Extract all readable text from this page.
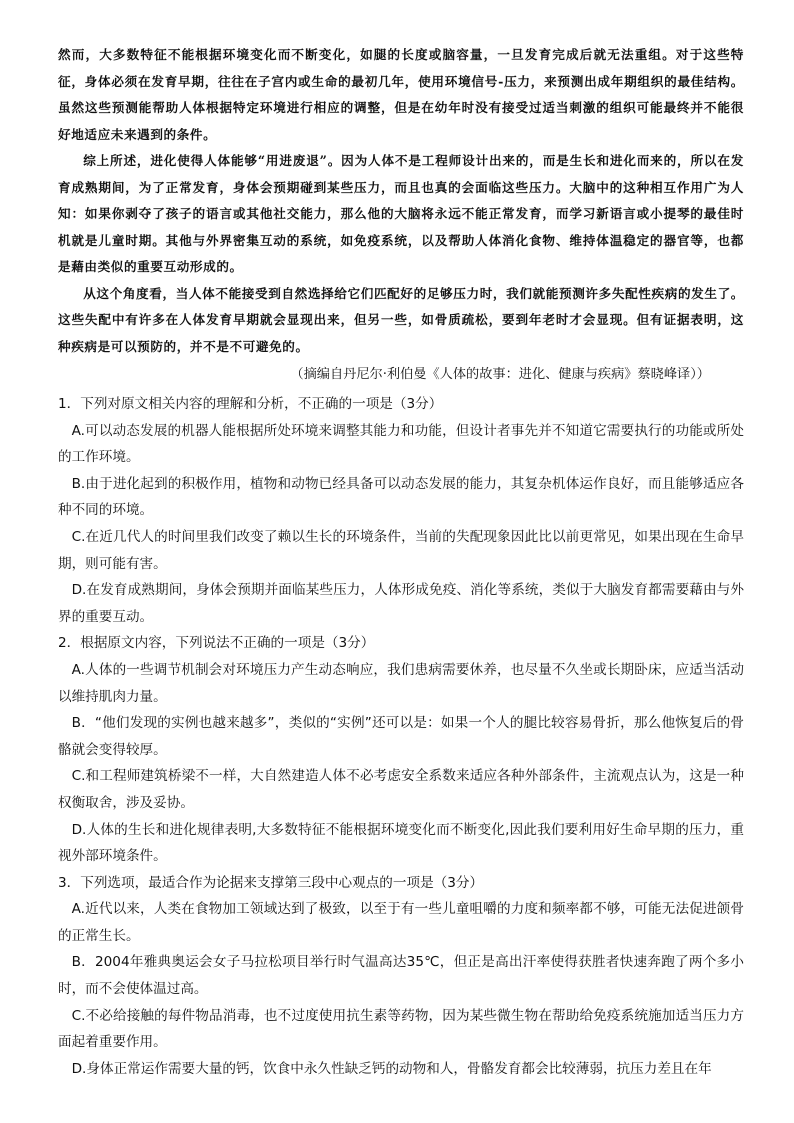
然而，大多数特征不能根据环境变化而不断变化，如腿的长度或脑容量，一旦发育完成后就无法重组。对于这些特征，身体必须在发育早期，往往在子宫内或生命的最初几年，使用环境信号-压力，来预测出成年期组织的最佳结构。虽然这些预测能帮助人体根据特定环境进行相应的调整，但是在幼年时没有接受过适当刺激的组织可能最终并不能很好地适应未来遇到的条件。

综上所述，进化使得人体能够“用进废退”。因为人体不是工程师设计出来的，而是生长和进化而来的，所以在发育成熟期间，为了正常发育，身体会预期碰到某些压力，而且也真的会面临这些压力。大脑中的这种相互作用广为人知：如果你剥夺了孩子的语言或其他社交能力，那么他的大脑将永远不能正常发育，而学习新语言或小提琴的最佳时机就是儿童时期。其他与外界密集互动的系统，如免疫系统，以及帮助人体消化食物、维持体温稳定的器官等，也都是藉由类似的重要互动形成的。

从这个角度看，当人体不能接受到自然选择给它们匹配好的足够压力时，我们就能预测许多失配性疾病的发生了。这些失配中有许多在人体发育早期就会显现出来，但另一些，如骨质疏松，要到年老时才会显现。但有证据表明，这种疾病是可以预防的，并不是不可避免的。

（摘编自丹尼尔·利伯曼《人体的故事：进化、健康与疾病》蔡晓峰译））

1．下列对原文相关内容的理解和分析，不正确的一项是（3分）

A.可以动态发展的机器人能根据所处环境来调整其能力和功能，但设计者事先并不知道它需要执行的功能或所处的工作环境。

B.由于进化起到的积极作用，植物和动物已经具备可以动态发展的能力，其复杂机体运作良好，而且能够适应各种不同的环境。

C.在近几代人的时间里我们改变了赖以生长的环境条件，当前的失配现象因此比以前更常见，如果出现在生命早期，则可能有害。

D.在发育成熟期间，身体会预期并面临某些压力，人体形成免疫、消化等系统，类似于大脑发育都需要藉由与外界的重要互动。

2．根据原文内容，下列说法不正确的一项是（3分）

A.人体的一些调节机制会对环境压力产生动态响应，我们患病需要休养，也尽量不久坐或长期卧床，应适当活动以维持肌肉力量。

B．“他们发现的实例也越来越多”，类似的“实例”还可以是：如果一个人的腿比较容易骨折，那么他恢复后的骨骼就会变得较厚。

C.和工程师建筑桥梁不一样，大自然建造人体不必考虑安全系数来适应各种外部条件，主流观点认为，这是一种权衡取舍，涉及妥协。

D.人体的生长和进化规律表明,大多数特征不能根据环境变化而不断变化,因此我们要利用好生命早期的压力，重视外部环境条件。

3．下列选项，最适合作为论据来支撑第三段中心观点的一项是（3分）

A.近代以来，人类在食物加工领域达到了极致，以至于有一些儿童咀嚼的力度和频率都不够，可能无法促进颌骨的正常生长。

B．2004年雅典奥运会女子马拉松项目举行时气温高达35℃，但正是高出汗率使得获胜者快速奔跑了两个多小时，而不会使体温过高。

C.不必给接触的每件物品消毒，也不过度使用抗生素等药物，因为某些微生物在帮助给免疫系统施加适当压力方面起着重要作用。

D.身体正常运作需要大量的钙，饮食中永久性缺乏钙的动物和人，骨骼发育都会比较薄弱，抗压力差且在年
